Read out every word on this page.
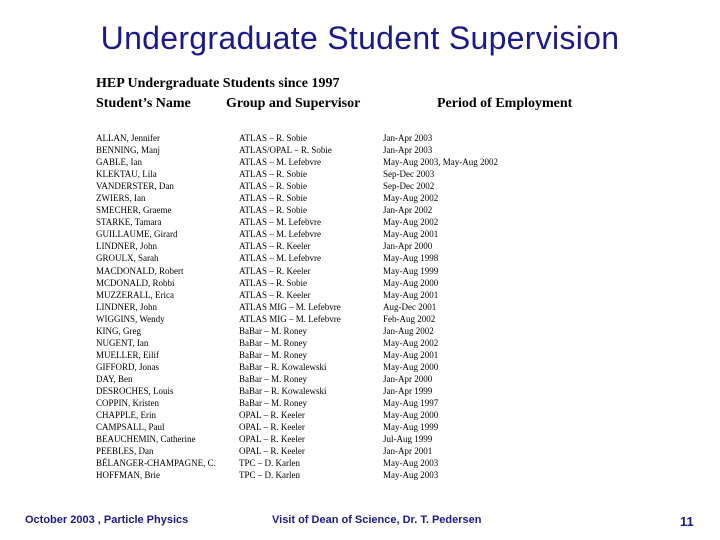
Undergraduate Student Supervision
HEP Undergraduate Students since 1997
Student’s Name	Group and Supervisor	Period of Employment
ALLAN, Jennifer	ATLAS – R. Sobie	Jan-Apr 2003
BENNING, Manj	ATLAS/OPAL – R. Sobie	Jan-Apr 2003
GABLE, Ian	ATLAS – M. Lefebvre	May-Aug 2003, May-Aug 2002
KLEKTAU, Lila	ATLAS – R. Sobie	Sep-Dec 2003
VANDERSTER, Dan	ATLAS – R. Sobie	Sep-Dec 2002
ZWIERS, Ian	ATLAS – R. Sobie	May-Aug 2002
SMECHER, Graeme	ATLAS – R. Sobie	Jan-Apr 2002
STARKE, Tamara	ATLAS – M. Lefebvre	May-Aug 2002
GUILLAUME, Girard	ATLAS – M. Lefebvre	May-Aug 2001
LINDNER, John	ATLAS – R. Keeler	Jan-Apr 2000
GROULX, Sarah	ATLAS – M. Lefebvre	May-Aug 1998
MACDONALD, Robert	ATLAS – R. Keeler	May-Aug 1999
MCDONALD, Robbi	ATLAS – R. Sobie	May-Aug 2000
MUZZERALL, Erica	ATLAS – R. Keeler	May-Aug 2001
LINDNER, John	ATLAS MIG – M. Lefebvre	Aug-Dec 2001
WIGGINS, Wendy	ATLAS MIG – M. Lefebvre	Feb-Aug 2002
KING, Greg	BaBar – M. Roney	Jan-Aug 2002
NUGENT, Ian	BaBar – M. Roney	May-Aug 2002
MUELLER, Eilif	BaBar – M. Roney	May-Aug 2001
GIFFORD, Jonas	BaBar – R. Kowalewski	May-Aug 2000
DAY, Ben	BaBar – M. Roney	Jan-Apr 2000
DESROCHES, Louis	BaBar – R. Kowalewski	Jan-Apr 1999
COPPIN, Kristen	BaBar – M. Roney	May-Aug 1997
CHAPPLE, Erin	OPAL – R. Keeler	May-Aug 2000
CAMPSALL, Paul	OPAL – R. Keeler	May-Aug 1999
BEAUCHEMIN, Catherine	OPAL – R. Keeler	Jul-Aug 1999
PEEBLES, Dan	OPAL – R. Keeler	Jan-Apr 2001
BÉLANGER-CHAMPAGNE, C.	TPC – D. Karlen	May-Aug 2003
HOFFMAN, Brie	TPC – D. Karlen	May-Aug 2003
October 2003 , Particle Physics	Visit of Dean of Science, Dr. T. Pedersen	11
